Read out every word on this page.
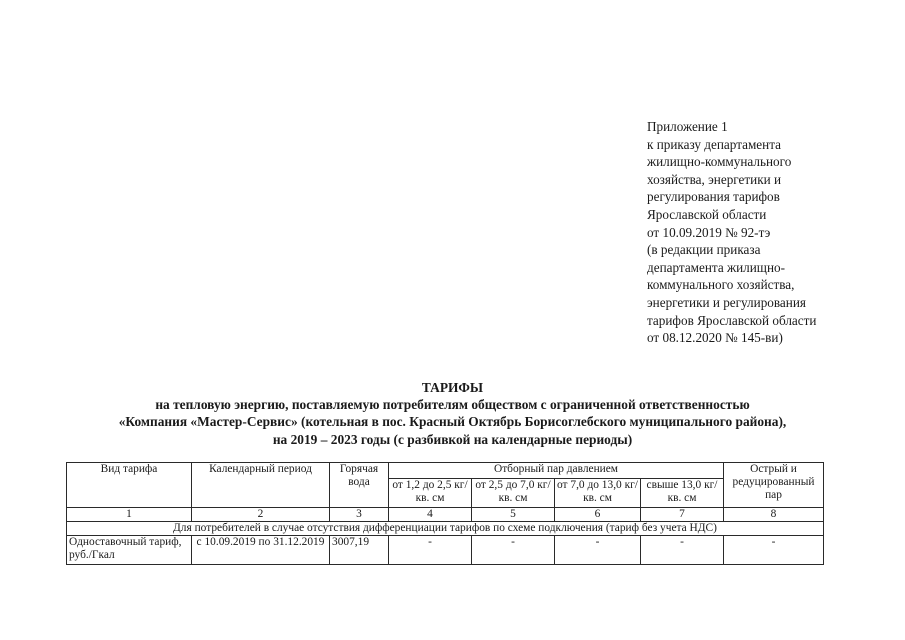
Приложение 1
к приказу департамента
жилищно-коммунального
хозяйства, энергетики и
регулирования тарифов
Ярославской области
от 10.09.2019 № 92-тэ
(в редакции приказа
департамента жилищно-
коммунального хозяйства,
энергетики и регулирования
тарифов Ярославской области
от 08.12.2020 № 145-ви)
ТАРИФЫ
на тепловую энергию, поставляемую потребителям обществом с ограниченной ответственностью
«Компания «Мастер-Сервис» (котельная в пос. Красный Октябрь Борисоглебского муниципального района),
на 2019 – 2023 годы (с разбивкой на календарные периоды)
Вид тарифа	Календарный период	Горячая вода	Отборный пар давлением				Острый и редуцированный пар
			от 1,2 до 2,5 кг/ кв. см	от 2,5 до 7,0 кг/ кв. см	от 7,0 до 13,0 кг/ кв. см	свыше 13,0 кг/ кв. см	
1	2	3	4	5	6	7	8
Для потребителей в случае отсутствия дифференциации тарифов по схеме подключения (тариф без учета НДС)							
Одноставочный тариф, руб./Гкал	с 10.09.2019 по 31.12.2019	3007,19	-	-	-	-	-
